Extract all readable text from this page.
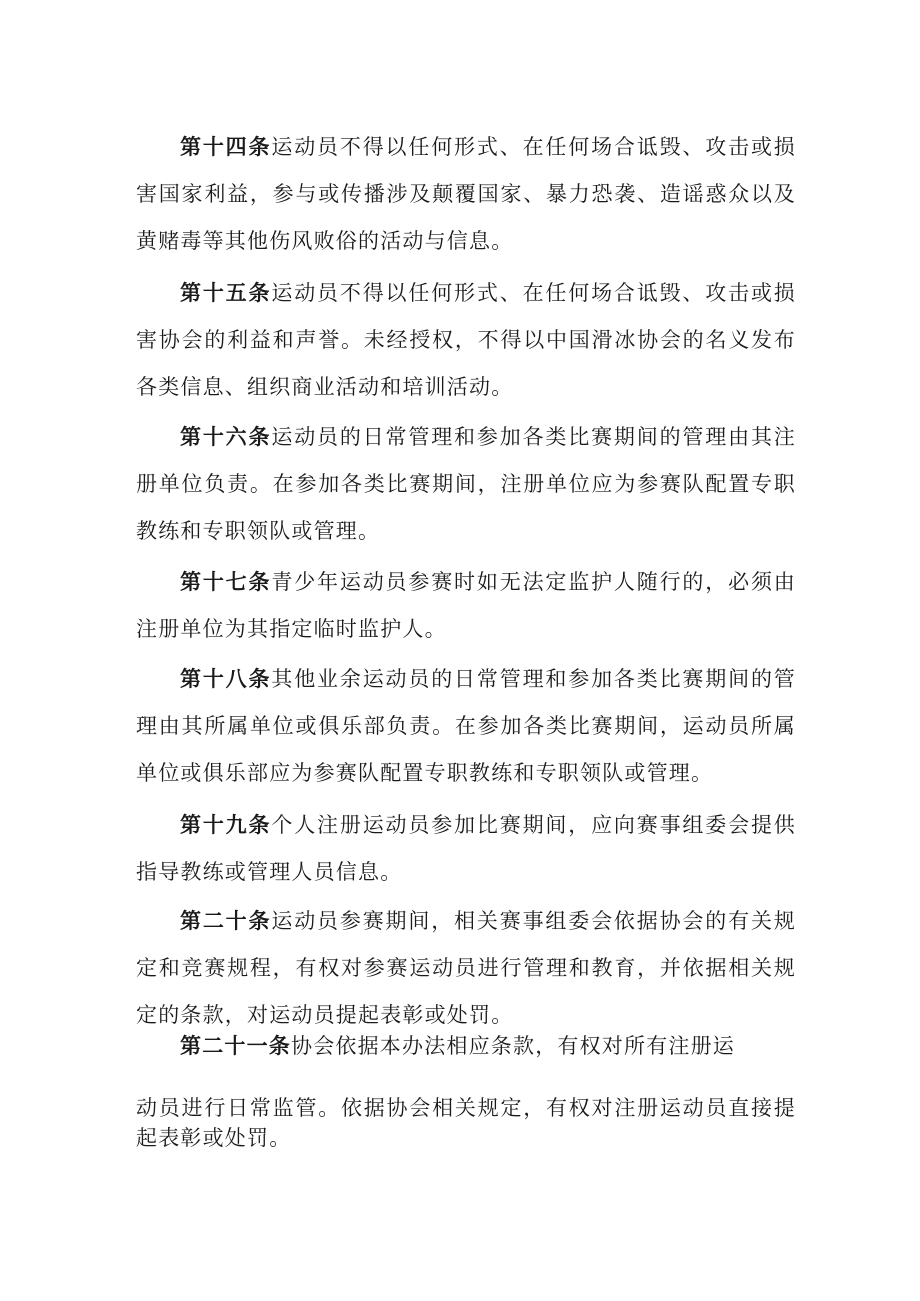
第十四条运动员不得以任何形式、在任何场合诋毁、攻击或损害国家利益，参与或传播涉及颠覆国家、暴力恐袭、造谣惑众以及黄赌毒等其他伤风败俗的活动与信息。

第十五条运动员不得以任何形式、在任何场合诋毁、攻击或损害协会的利益和声誉。未经授权，不得以中国滑冰协会的名义发布各类信息、组织商业活动和培训活动。

第十六条运动员的日常管理和参加各类比赛期间的管理由其注册单位负责。在参加各类比赛期间，注册单位应为参赛队配置专职教练和专职领队或管理。

第十七条青少年运动员参赛时如无法定监护人随行的，必须由注册单位为其指定临时监护人。

第十八条其他业余运动员的日常管理和参加各类比赛期间的管理由其所属单位或俱乐部负责。在参加各类比赛期间，运动员所属单位或俱乐部应为参赛队配置专职教练和专职领队或管理。

第十九条个人注册运动员参加比赛期间，应向赛事组委会提供指导教练或管理人员信息。

第二十条运动员参赛期间，相关赛事组委会依据协会的有关规定和竞赛规程，有权对参赛运动员进行管理和教育，并依据相关规定的条款，对运动员提起表彰或处罚。

第二十一条协会依据本办法相应条款，有权对所有注册运

动员进行日常监管。依据协会相关规定，有权对注册运动员直接提起表彰或处罚。
